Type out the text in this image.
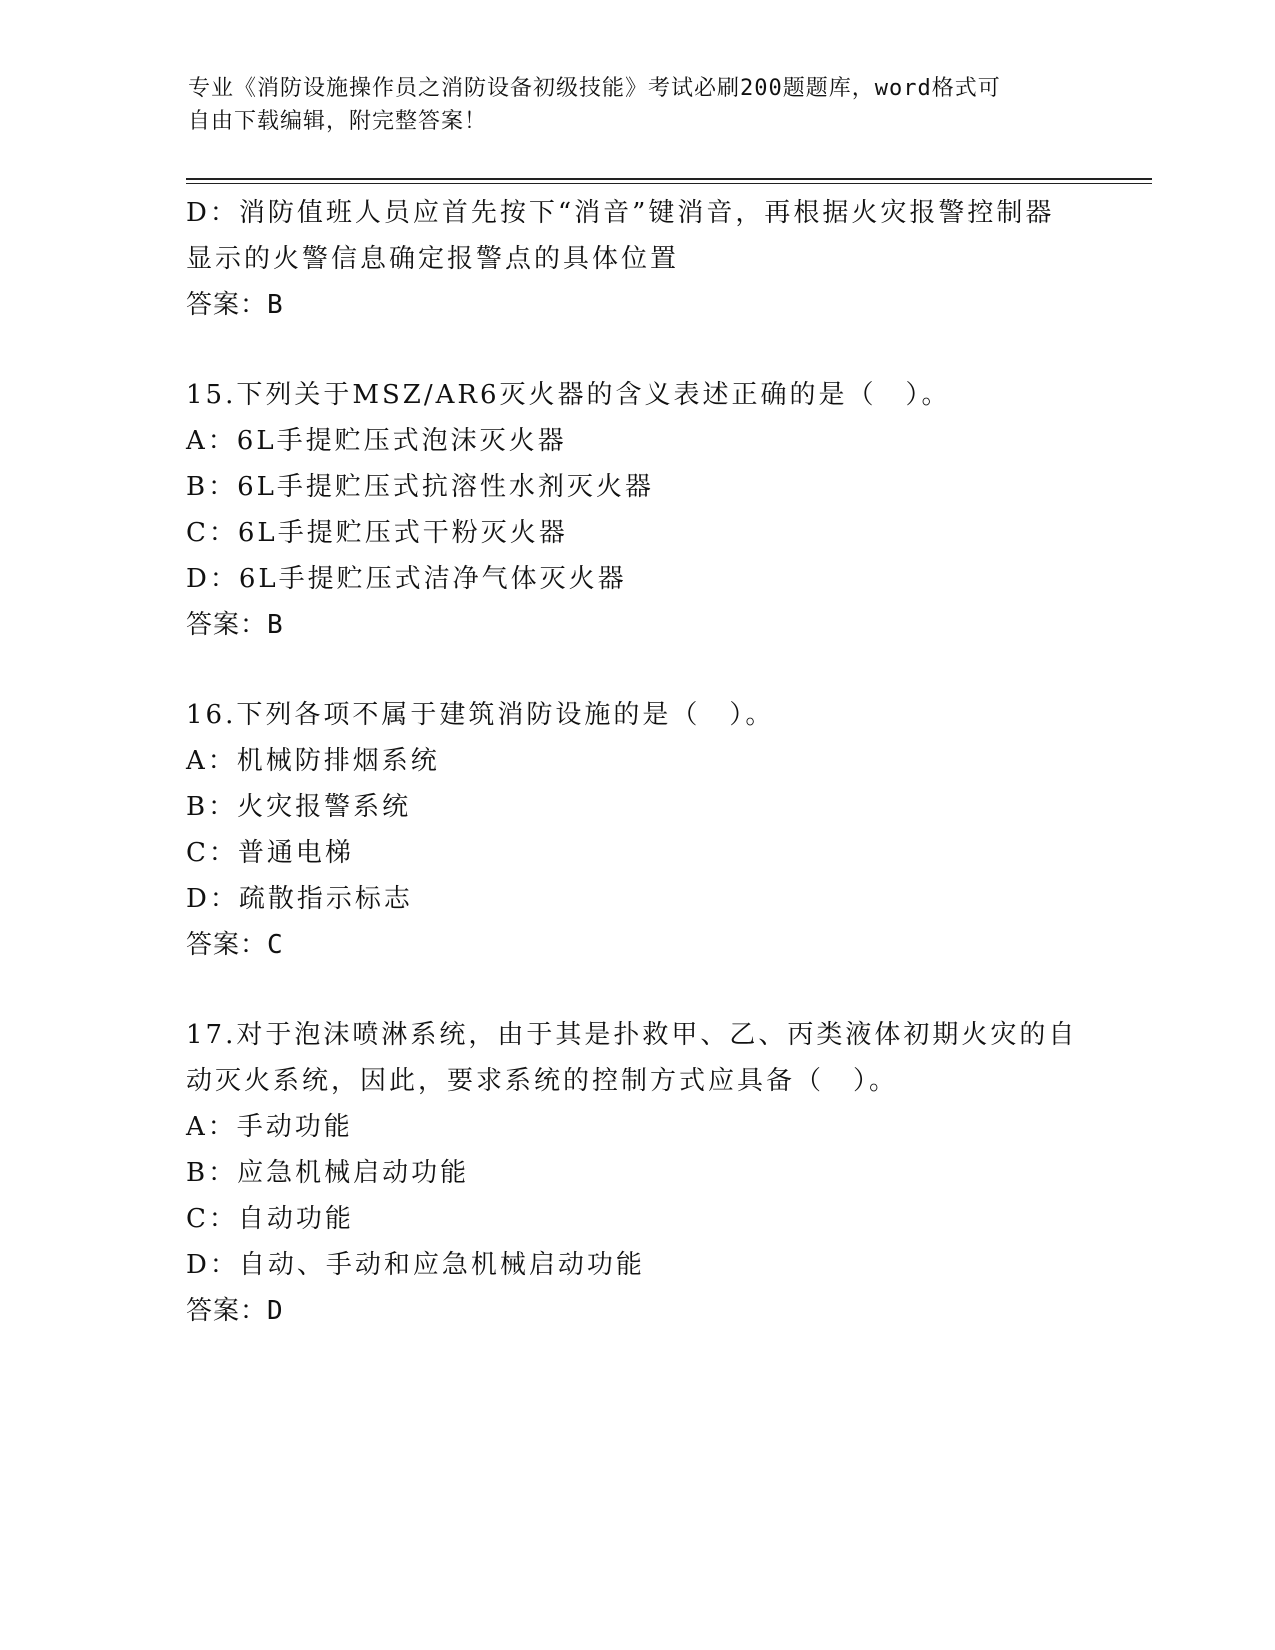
专业《消防设施操作员之消防设备初级技能》考试必刷200题题库，word格式可
自由下载编辑，附完整答案！
D：消防值班人员应首先按下“消音”键消音，再根据火灾报警控制器
显示的火警信息确定报警点的具体位置
答案：B
15.下列关于MSZ/AR6灭火器的含义表述正确的是（　）。
A：6L手提贮压式泡沫灭火器
B：6L手提贮压式抗溶性水剂灭火器
C：6L手提贮压式干粉灭火器
D：6L手提贮压式洁净气体灭火器
答案：B
16.下列各项不属于建筑消防设施的是（　）。
A：机械防排烟系统
B：火灾报警系统
C：普通电梯
D：疏散指示标志
答案：C
17.对于泡沫喷淋系统，由于其是扑救甲、乙、丙类液体初期火灾的自
动灭火系统，因此，要求系统的控制方式应具备（　）。
A：手动功能
B：应急机械启动功能
C：自动功能
D：自动、手动和应急机械启动功能
答案：D
